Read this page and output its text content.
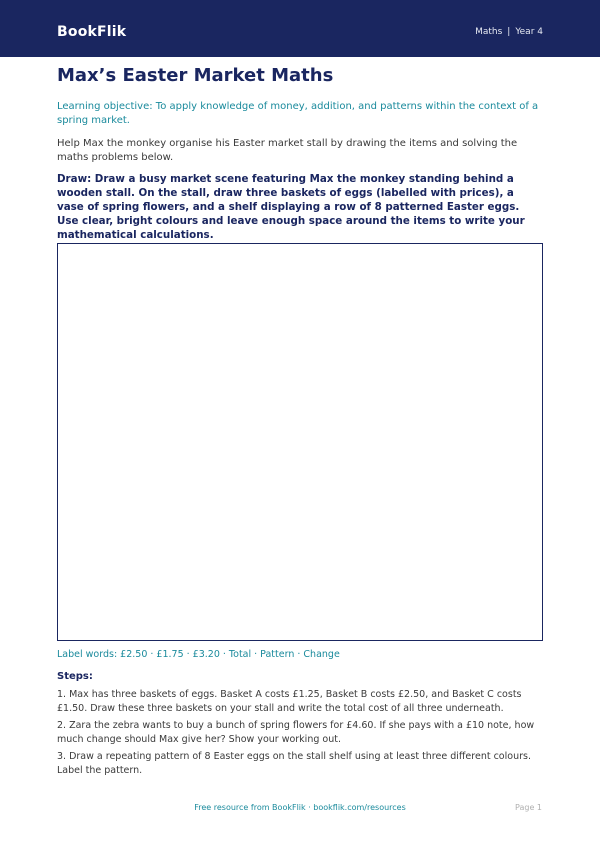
BookFlik	Maths | Year 4
Max’s Easter Market Maths
Learning objective: To apply knowledge of money, addition, and patterns within the context of a spring market.
Help Max the monkey organise his Easter market stall by drawing the items and solving the maths problems below.
Draw: Draw a busy market scene featuring Max the monkey standing behind a wooden stall. On the stall, draw three baskets of eggs (labelled with prices), a vase of spring flowers, and a shelf displaying a row of 8 patterned Easter eggs. Use clear, bright colours and leave enough space around the items to write your mathematical calculations.
Label words: £2.50 · £1.75 · £3.20 · Total · Pattern · Change
Steps:
1. Max has three baskets of eggs. Basket A costs £1.25, Basket B costs £2.50, and Basket C costs £1.50. Draw these three baskets on your stall and write the total cost of all three underneath.
2. Zara the zebra wants to buy a bunch of spring flowers for £4.60. If she pays with a £10 note, how much change should Max give her? Show your working out.
3. Draw a repeating pattern of 8 Easter eggs on the stall shelf using at least three different colours. Label the pattern.
Free resource from BookFlik · bookflik.com/resources	Page 1
